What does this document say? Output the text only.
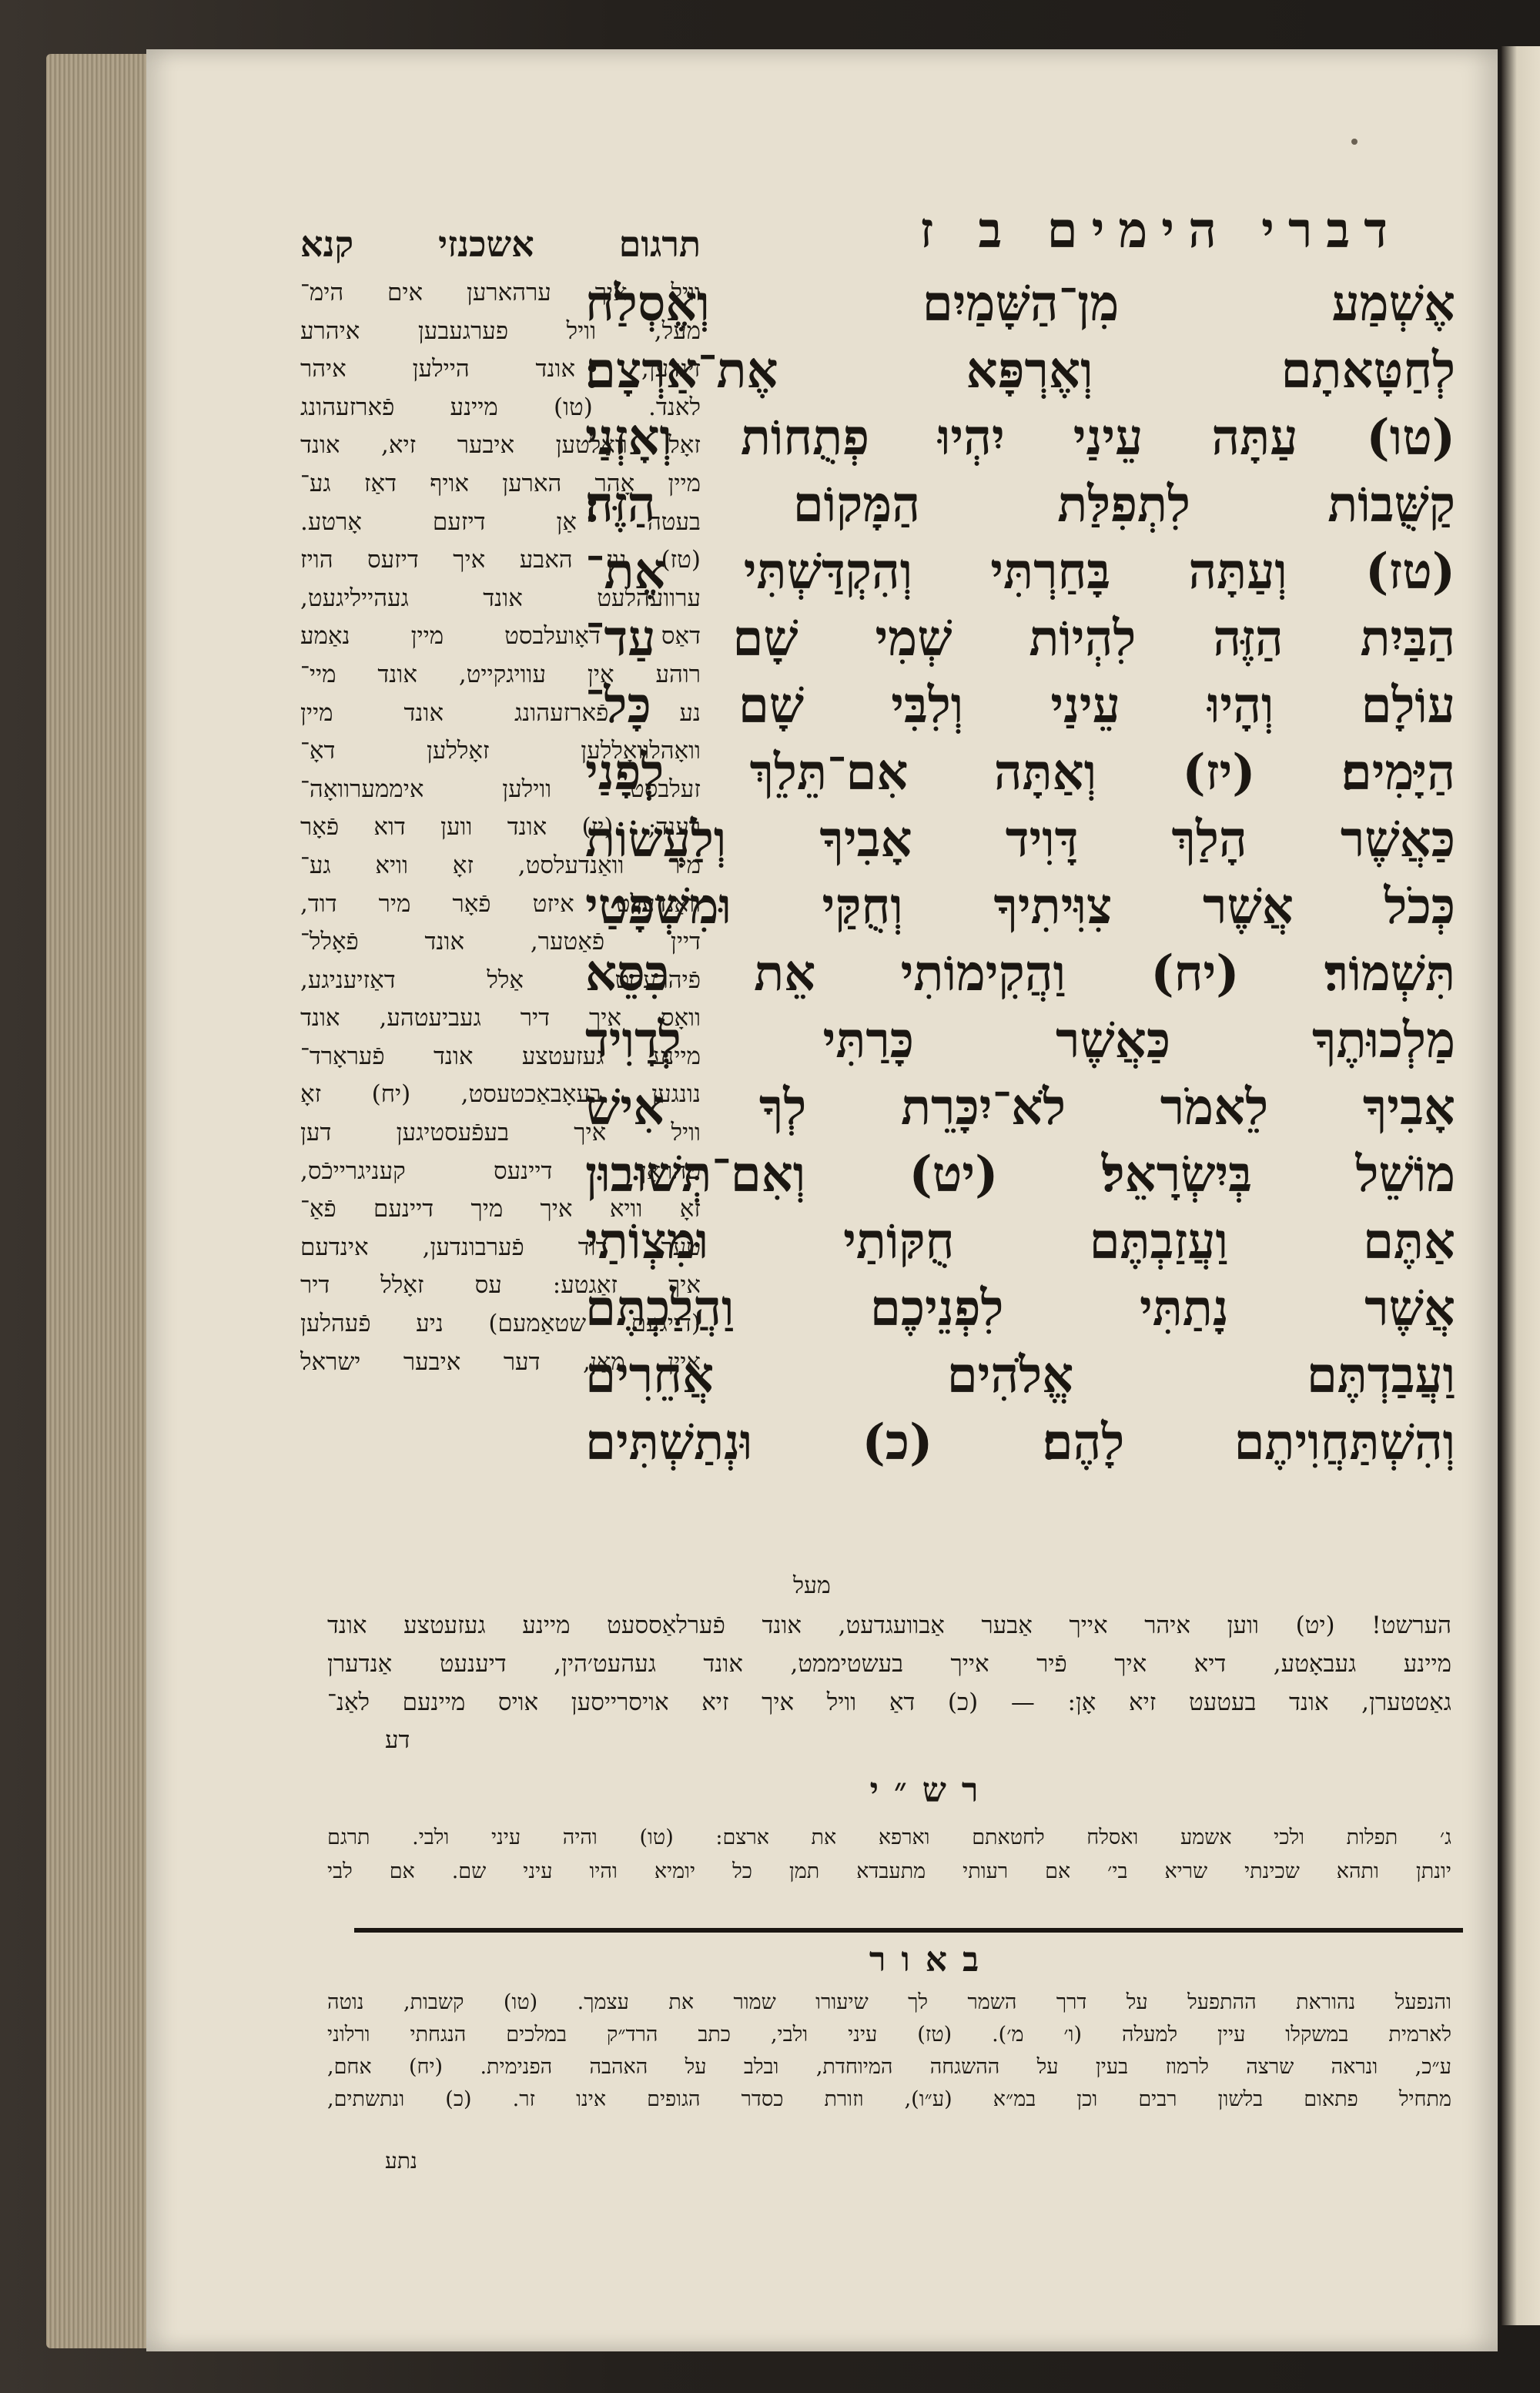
דברי הימים ב ז
אֶשְׁמַע מִן־הַשָּׁמַיִם וְאֶסְלַח
לְחַטָּאתָם וְאֶרְפָּא אֶת־אַרְצָם׃
(טו) עַתָּה עֵינַי יִהְיוּ פְתֻחוֹת וְאָזְנַי
קַשֻּׁבוֹת לִתְפִלַּת הַמָּקוֹם הַזֶּה׃
(טז) וְעַתָּה בָּחַרְתִּי וְהִקְדַּשְׁתִּי אֶת־
הַבַּיִת הַזֶּה לִהְיוֹת שְׁמִי שָׁם עַד־
עוֹלָם וְהָיוּ עֵינַי וְלִבִּי שָׁם כָּל־
הַיָּמִים׃ (יז) וְאַתָּה אִם־תֵּלֵךְ לְפָנַי
כַּאֲשֶׁר הָלַךְ דָּוִיד אָבִיךָ וְלַעֲשׂוֹת
כְּכֹל אֲשֶׁר צִוִּיתִיךָ וְחֻקַּי וּמִשְׁפָּטַי
תִּשְׁמוֹר׃ (יח) וַהֲקִימוֹתִי אֵת כִּסֵּא
מַלְכוּתֶךָ כַּאֲשֶׁר כָּרַתִּי לְדָוִיד
אָבִיךָ לֵאמֹר לֹא־יִכָּרֵת לְךָ אִישׁ
מוֹשֵׁל בְּיִשְׂרָאֵל׃ (יט) וְאִם־תְּשׁוּבוּן
אַתֶּם וַעֲזַבְתֶּם חֻקּוֹתַי וּמִצְוֹתַי
אֲשֶׁר נָתַתִּי לִפְנֵיכֶם וַהֲלַכְתֶּם
וַעֲבַדְתֶּם אֱלֹהִים אֲחֵרִים
וְהִשְׁתַּחֲוִיתֶם לָהֶם׃ (כ) וּנְתַשְׁתִּים
מעל
תרגום אשכנזי קנא
וויל איך ערהארען אים הימ־
מעל, וויל פערגעבען איהרע
זינדען, אונד היילען איהר
לאנד. (טו) מיינע פֿארזעהונג
זאָל וואַלטען איבער זיא, אונד
מיין אָהר הארען אויף דאַז גע־
בעטה אַן דיזעם אָרטע.
(טז) נון האבע איך דיזעס הויז
ערוועהלעט אונד געהייליגעט,
דאַס דאָועלבסט מיין נאַמע
רוהע אין עוויגקייט, אונד מיי־
נע פֿארזעהונג אונד מיין
וואָהלוואָללען זאָללען דאָ־
זעלבסט ווילען איממערוואָה־
רענד; (יז) אונד ווען דוא פֿאָר
מיר וואַנדעלסט, זאָ וויא גע־
וואַנדעלט איזט פֿאָר מיר דוד,
דיין פֿאַטער, אונד פֿאָלל־
פֿיהרעסט אַלל דאַזיעניגע,
וואָס איך דיר געביעטהע, אונד
מיינע געזעטצע אונד פֿעראָרד־
נונגען בעאָבאַכטעסט, (יח) זאָ
וויל איך בעפֿעסטיגען דען
טהראָן דיינעס קעניגרייכֿס,
זאָ וויא איך מיך דיינעם פֿאַ־
טער דוד פֿערבונדען, אינדעם
איך זאַגטע: עס זאָלל דיר
(דייגעם שטאַמעם) ניע פֿעהלען
איין מאַן, דער איבער ישראל
הערשט! (יט) ווען איהר אייך אַבער אַבוועגדעט, אונד פֿערלאַססעט מיינע געזעטצע אונד
מיינע געבאָטע, דיא איך פֿיר אייך בעשטיממט, אונד געהעט׳הין, דיענעט אַנדערן
גאַטטערן, אונד בעטעט זיא אָן: — (כ) דאַ וויל איך זיא אויסרייסען אויס מיינעם לאַנ־
דע
רש״י
ג׳ תפלות ולכי אשמע ואסלח לחטאתם וארפא את ארצם: (טו) והיה עיני ולבי. תרגם
יונתן ותהא שכינתי שריא בי׳ אם רעותי מתעבדא תמן כל יומיא והיו עיני שם. אם לבי
באור
והנפעל נהוראת ההתפעל על דרך השמר לך שיעורו שמור את עצמך. (טו) קשבות, נוטה
לארמית במשקלו עיין למעלה (ו׳ מ׳). (טז) עיני ולבי, כתב הרד״ק במלכים הנגחתי ורלוני
ע״כ, ונראה שרצה לרמוז בעין על ההשגחה המיוחדת, ובלב על האהבה הפנימית. (יח) אחם,
מתחיל פתאום בלשון רבים וכן במ״א (ע״ו), וזורת כסדר הגופים אינו זר. (כ) ונתשתים,
נתע
